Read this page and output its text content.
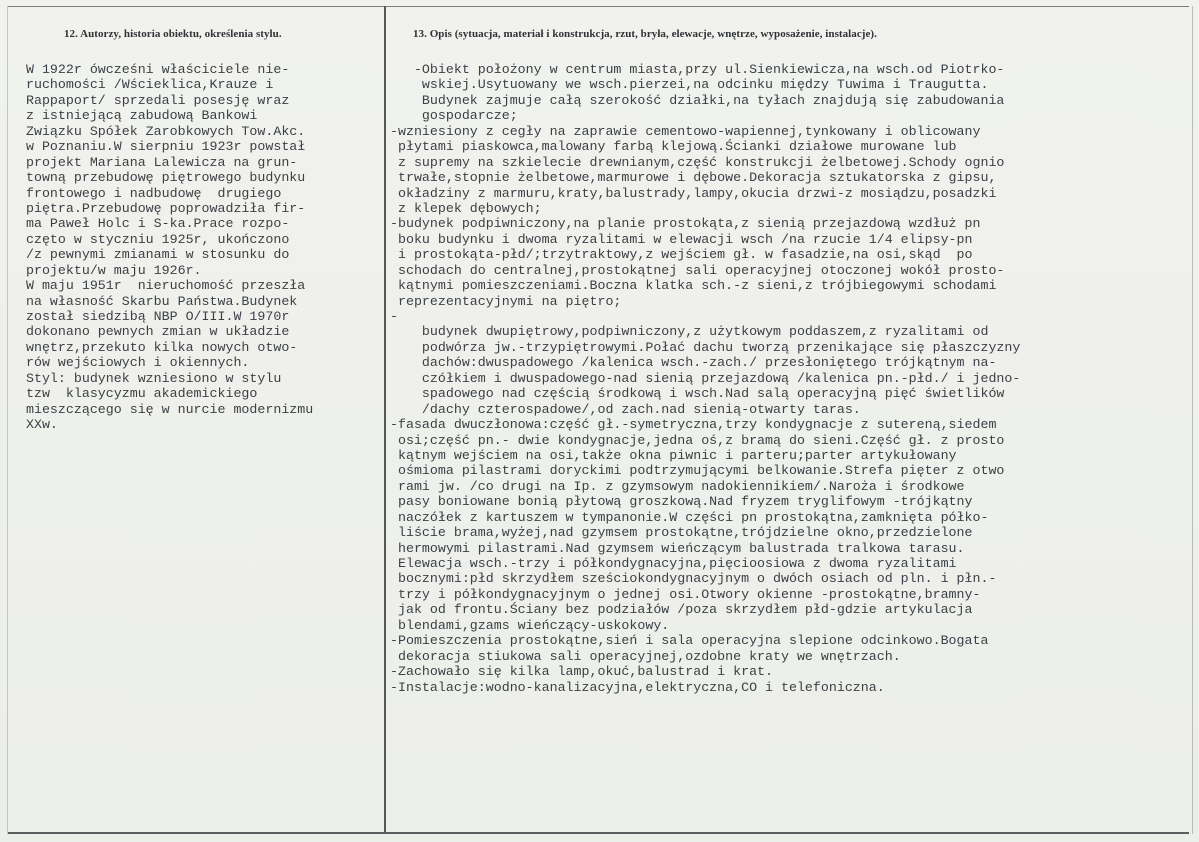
12. Autorzy, historia obiektu, określenia stylu.	13. Opis (sytuacja, materiał i konstrukcja, rzut, bryła, elewacje, wnętrze, wyposażenie, instalacje).
W 1922r ówcześni właściciele nie-
ruchomości /Wścieklica,Krauze i
Rappaport/ sprzedali posesję wraz
z istniejącą zabudową Bankowi
Związku Spółek Zarobkowych Tow.Akc.
w Poznaniu.W sierpniu 1923r powstał
projekt Mariana Lalewicza na grun-
towną przebudowę piętrowego budynku
frontowego i nadbudowę  drugiego
piętra.Przebudowę poprowadziła fir-
ma Paweł Holc i S-ka.Prace rozpo-
częto w styczniu 1925r, ukończono
/z pewnymi zmianami w stosunku do
projektu/w maju 1926r.
W maju 1951r  nieruchomość przeszła
na własność Skarbu Państwa.Budynek
został siedzibą NBP O/III.W 1970r
dokonano pewnych zmian w układzie
wnętrz,przekuto kilka nowych otwo-
rów wejściowych i okiennych.
Styl: budynek wzniesiono w stylu
tzw  klasycyzmu akademickiego
mieszczącego się w nurcie modernizmu
XXw.
-Obiekt położony w centrum miasta,przy ul.Sienkiewicza,na wsch.od Piotrko-
wskiej.Usytuowany we wsch.pierzei,na odcinku między Tuwima i Traugutta.
Budynek zajmuje całą szerokość działki,na tyłach znajdują się zabudowania
gospodarcze;
-wzniesiony z cegły na zaprawie cementowo-wapiennej,tynkowany i oblicowany
płytami piaskowca,malowany farbą klejową.Ścianki działowe murowane lub
z supremy na szkielecie drewnianym,część konstrukcji żelbetowej.Schody ognio
trwałe,stopnie żelbetowe,marmurowe i dębowe.Dekoracja sztukatorska z gipsu,
okładziny z marmuru,kraty,balustrady,lampy,okucia drzwi-z mosiądzu,posadzki
z klepek dębowych;
-budynek podpiwniczony,na planie prostokąta,z sienią przejazdową wzdłuż pn
boku budynku i dwoma ryzalitami w elewacji wsch /na rzucie 1/4 elipsy-pn
i prostokąta-płd/;trzytraktowy,z wejściem gł. w fasadzie,na osi,skąd  po
schodach do centralnej,prostokątnej sali operacyjnej otoczonej wokół prosto-
kątnymi pomieszczeniami.Boczna klatka sch.-z sieni,z trójbiegowymi schodami
reprezentacyjnymi na piętro;
-
budynek dwupiętrowy,podpiwniczony,z użytkowym poddaszem,z ryzalitami od
podwórza jw.-trzypiętrowymi.Połać dachu tworzą przenikające się płaszczyzny
dachów:dwuspadowego /kalenica wsch.-zach./ przesłoniętego trójkątnym na-
czółkiem i dwuspadowego-nad sienią przejazdową /kalenica pn.-płd./ i jedno-
spadowego nad częścią środkową i wsch.Nad salą operacyjną pięć świetlików
/dachy czterospadowe/,od zach.nad sienią-otwarty taras.
-fasada dwuczłonowa:część gł.-symetryczna,trzy kondygnacje z sutereną,siedem
osi;część pn.- dwie kondygnacje,jedna oś,z bramą do sieni.Część gł. z prosto
kątnym wejściem na osi,także okna piwnic i parteru;parter artykułowany
ośmioma pilastrami doryckimi podtrzymującymi belkowanie.Strefa pięter z otwo
rami jw. /co drugi na Ip. z gzymsowym nadokiennikiem/.Naroża i środkowe
pasy boniowane bonią płytową groszkową.Nad fryzem tryglifowym -trójkątny
naczółek z kartuszem w tympanonie.W części pn prostokątna,zamknięta półko-
liście brama,wyżej,nad gzymsem prostokątne,trójdzielne okno,przedzielone
hermowymi pilastrami.Nad gzymsem wieńczącym balustrada tralkowa tarasu.
Elewacja wsch.-trzy i półkondygnacyjna,pięcioosiowa z dwoma ryzalitami
bocznymi:płd skrzydłem sześciokondygnacyjnym o dwóch osiach od pln. i płn.-
trzy i półkondygnacyjnym o jednej osi.Otwory okienne -prostokątne,bramny-
jak od frontu.Ściany bez podziałów /poza skrzydłem płd-gdzie artykulacja
blendami,gzams wieńczący-uskokowy.
-Pomieszczenia prostokątne,sień i sala operacyjna slepione odcinkowo.Bogata
dekoracja stiukowa sali operacyjnej,ozdobne kraty we wnętrzach.
-Zachowało się kilka lamp,okuć,balustrad i krat.
-Instalacje:wodno-kanalizacyjna,elektryczna,CO i telefoniczna.
